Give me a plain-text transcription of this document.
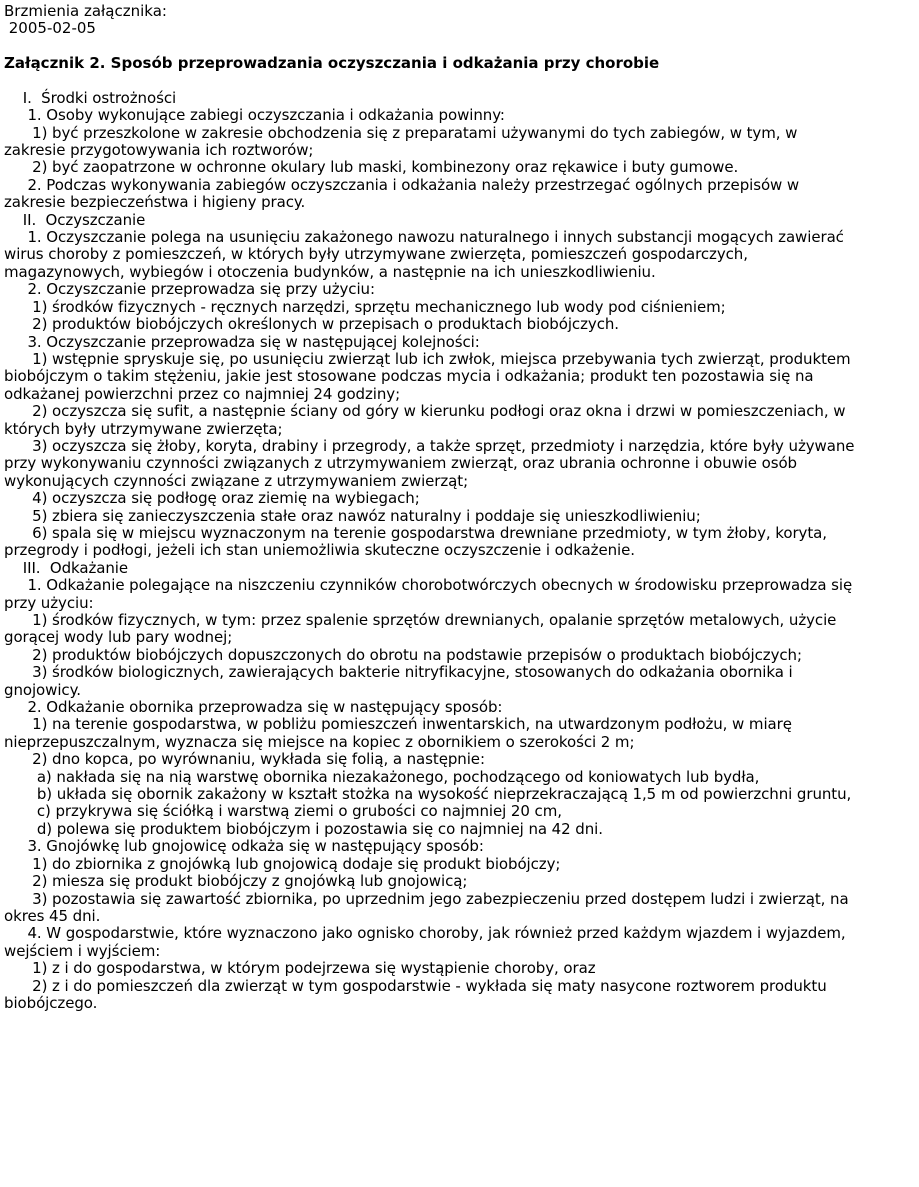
Brzmienia załącznika:
2005-02-05
Załącznik 2. Sposób przeprowadzania oczyszczania i odkażania przy chorobie
I.  Środki ostrożności
1. Osoby wykonujące zabiegi oczyszczania i odkażania powinny:
1) być przeszkolone w zakresie obchodzenia się z preparatami używanymi do tych zabiegów, w tym, w
zakresie przygotowywania ich roztworów;
2) być zaopatrzone w ochronne okulary lub maski, kombinezony oraz rękawice i buty gumowe.
2. Podczas wykonywania zabiegów oczyszczania i odkażania należy przestrzegać ogólnych przepisów w
zakresie bezpieczeństwa i higieny pracy.
II.  Oczyszczanie
1. Oczyszczanie polega na usunięciu zakażonego nawozu naturalnego i innych substancji mogących zawierać
wirus choroby z pomieszczeń, w których były utrzymywane zwierzęta, pomieszczeń gospodarczych,
magazynowych, wybiegów i otoczenia budynków, a następnie na ich unieszkodliwieniu.
2. Oczyszczanie przeprowadza się przy użyciu:
1) środków fizycznych - ręcznych narzędzi, sprzętu mechanicznego lub wody pod ciśnieniem;
2) produktów biobójczych określonych w przepisach o produktach biobójczych.
3. Oczyszczanie przeprowadza się w następującej kolejności:
1) wstępnie spryskuje się, po usunięciu zwierząt lub ich zwłok, miejsca przebywania tych zwierząt, produktem
biobójczym o takim stężeniu, jakie jest stosowane podczas mycia i odkażania; produkt ten pozostawia się na
odkażanej powierzchni przez co najmniej 24 godziny;
2) oczyszcza się sufit, a następnie ściany od góry w kierunku podłogi oraz okna i drzwi w pomieszczeniach, w
których były utrzymywane zwierzęta;
3) oczyszcza się żłoby, koryta, drabiny i przegrody, a także sprzęt, przedmioty i narzędzia, które były używane
przy wykonywaniu czynności związanych z utrzymywaniem zwierząt, oraz ubrania ochronne i obuwie osób
wykonujących czynności związane z utrzymywaniem zwierząt;
4) oczyszcza się podłogę oraz ziemię na wybiegach;
5) zbiera się zanieczyszczenia stałe oraz nawóz naturalny i poddaje się unieszkodliwieniu;
6) spala się w miejscu wyznaczonym na terenie gospodarstwa drewniane przedmioty, w tym żłoby, koryta,
przegrody i podłogi, jeżeli ich stan uniemożliwia skuteczne oczyszczenie i odkażenie.
III.  Odkażanie
1. Odkażanie polegające na niszczeniu czynników chorobotwórczych obecnych w środowisku przeprowadza się
przy użyciu:
1) środków fizycznych, w tym: przez spalenie sprzętów drewnianych, opalanie sprzętów metalowych, użycie
gorącej wody lub pary wodnej;
2) produktów biobójczych dopuszczonych do obrotu na podstawie przepisów o produktach biobójczych;
3) środków biologicznych, zawierających bakterie nitryfikacyjne, stosowanych do odkażania obornika i
gnojowicy.
2. Odkażanie obornika przeprowadza się w następujący sposób:
1) na terenie gospodarstwa, w pobliżu pomieszczeń inwentarskich, na utwardzonym podłożu, w miarę
nieprzepuszczalnym, wyznacza się miejsce na kopiec z obornikiem o szerokości 2 m;
2) dno kopca, po wyrównaniu, wykłada się folią, a następnie:
a) nakłada się na nią warstwę obornika niezakażonego, pochodzącego od koniowatych lub bydła,
b) układa się obornik zakażony w kształt stożka na wysokość nieprzekraczającą 1,5 m od powierzchni gruntu,
c) przykrywa się ściółką i warstwą ziemi o grubości co najmniej 20 cm,
d) polewa się produktem biobójczym i pozostawia się co najmniej na 42 dni.
3. Gnojówkę lub gnojowicę odkaża się w następujący sposób:
1) do zbiornika z gnojówką lub gnojowicą dodaje się produkt biobójczy;
2) miesza się produkt biobójczy z gnojówką lub gnojowicą;
3) pozostawia się zawartość zbiornika, po uprzednim jego zabezpieczeniu przed dostępem ludzi i zwierząt, na
okres 45 dni.
4. W gospodarstwie, które wyznaczono jako ognisko choroby, jak również przed każdym wjazdem i wyjazdem,
wejściem i wyjściem:
1) z i do gospodarstwa, w którym podejrzewa się wystąpienie choroby, oraz
2) z i do pomieszczeń dla zwierząt w tym gospodarstwie - wykłada się maty nasycone roztworem produktu
biobójczego.
